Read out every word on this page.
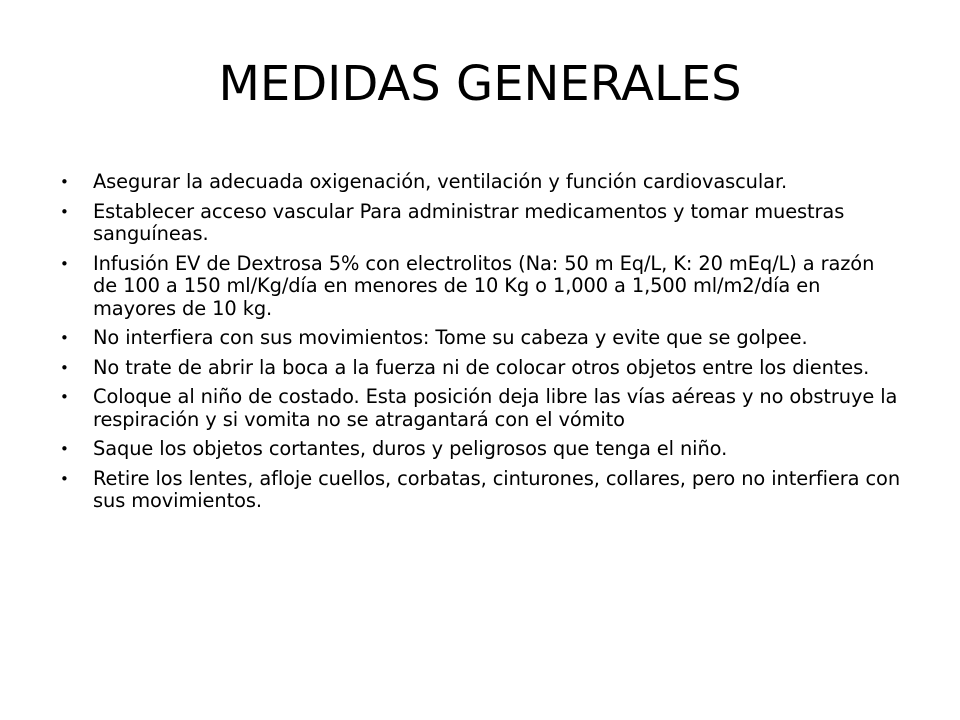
MEDIDAS GENERALES
• Asegurar la adecuada oxigenación, ventilación y función cardiovascular.
• Establecer acceso vascular Para administrar medicamentos y tomar muestras sanguíneas.
• Infusión EV de Dextrosa 5% con electrolitos (Na: 50 m Eq/L, K: 20 mEq/L) a razón de 100 a 150 ml/Kg/día en menores de 10 Kg o 1,000 a 1,500 ml/m2/día en mayores de 10 kg.
• No interfiera con sus movimientos: Tome su cabeza y evite que se golpee.
• No trate de abrir la boca a la fuerza ni de colocar otros objetos entre los dientes.
• Coloque al niño de costado. Esta posición deja libre las vías aéreas y no obstruye la respiración y si vomita no se atragantará con el vómito
• Saque los objetos cortantes, duros y peligrosos que tenga el niño.
• Retire los lentes, afloje cuellos, corbatas, cinturones, collares, pero no interfiera con sus movimientos.
